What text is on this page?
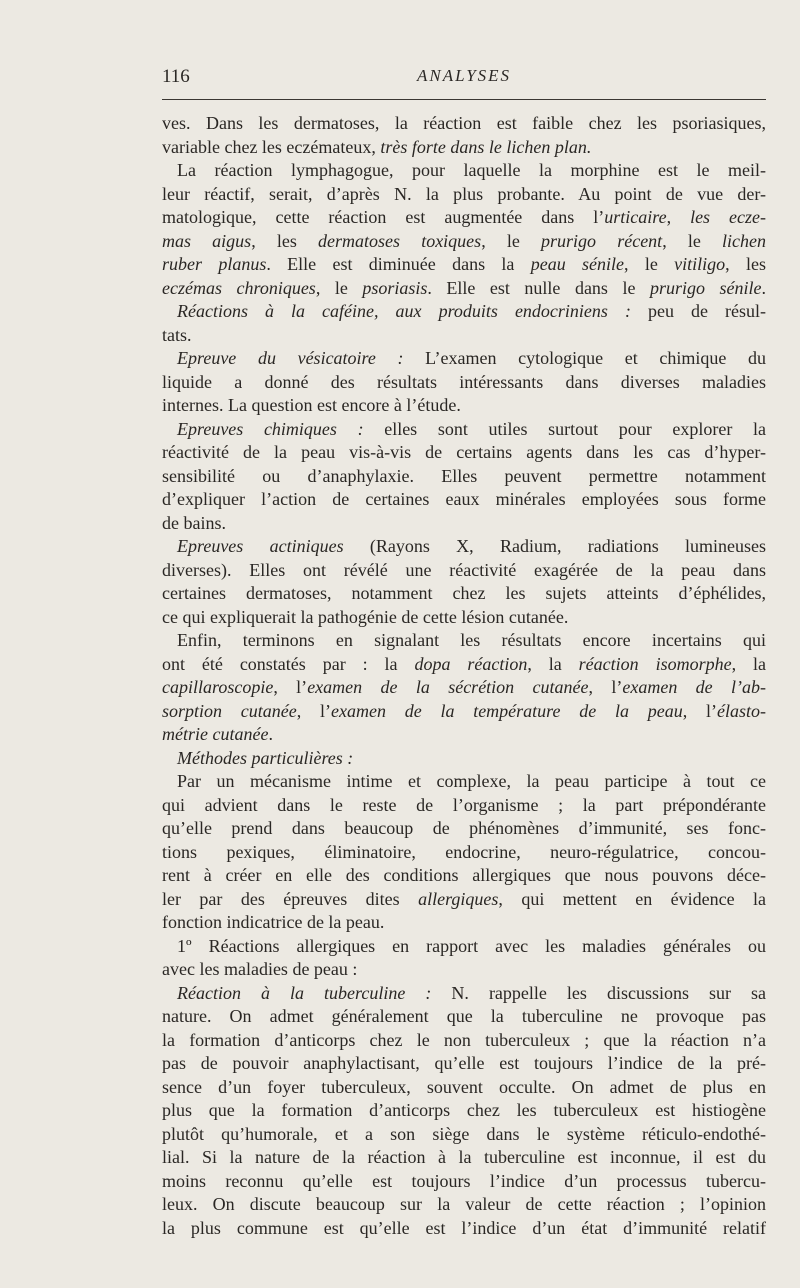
116	ANALYSES
ves. Dans les dermatoses, la réaction est faible chez les psoriasiques,
variable chez les eczémateux, très forte dans le lichen plan.
La réaction lymphagogue, pour laquelle la morphine est le meil-
leur réactif, serait, d’après N. la plus probante. Au point de vue der-
matologique, cette réaction est augmentée dans l’urticaire, les ecze-
mas aigus, les dermatoses toxiques, le prurigo récent, le lichen
ruber planus. Elle est diminuée dans la peau sénile, le vitiligo, les
eczémas chroniques, le psoriasis. Elle est nulle dans le prurigo sénile.
Réactions à la caféine, aux produits endocriniens : peu de résul-
tats.
Epreuve du vésicatoire : L’examen cytologique et chimique du
liquide a donné des résultats intéressants dans diverses maladies
internes. La question est encore à l’étude.
Epreuves chimiques : elles sont utiles surtout pour explorer la
réactivité de la peau vis-à-vis de certains agents dans les cas d’hyper-
sensibilité ou d’anaphylaxie. Elles peuvent permettre notamment
d’expliquer l’action de certaines eaux minérales employées sous forme
de bains.
Epreuves actiniques (Rayons X, Radium, radiations lumineuses
diverses). Elles ont révélé une réactivité exagérée de la peau dans
certaines dermatoses, notamment chez les sujets atteints d’éphélides,
ce qui expliquerait la pathogénie de cette lésion cutanée.
Enfin, terminons en signalant les résultats encore incertains qui
ont été constatés par : la dopa réaction, la réaction isomorphe, la
capillaroscopie, l’examen de la sécrétion cutanée, l’examen de l’ab-
sorption cutanée, l’examen de la température de la peau, l’élasto-
métrie cutanée.
Méthodes particulières :
Par un mécanisme intime et complexe, la peau participe à tout ce
qui advient dans le reste de l’organisme ; la part prépondérante
qu’elle prend dans beaucoup de phénomènes d’immunité, ses fonc-
tions pexiques, éliminatoire, endocrine, neuro-régulatrice, concou-
rent à créer en elle des conditions allergiques que nous pouvons déce-
ler par des épreuves dites allergiques, qui mettent en évidence la
fonction indicatrice de la peau.
1º Réactions allergiques en rapport avec les maladies générales ou
avec les maladies de peau :
Réaction à la tuberculine : N. rappelle les discussions sur sa
nature. On admet généralement que la tuberculine ne provoque pas
la formation d’anticorps chez le non tuberculeux ; que la réaction n’a
pas de pouvoir anaphylactisant, qu’elle est toujours l’indice de la pré-
sence d’un foyer tuberculeux, souvent occulte. On admet de plus en
plus que la formation d’anticorps chez les tuberculeux est histiogène
plutôt qu’humorale, et a son siège dans le système réticulo-endothé-
lial. Si la nature de la réaction à la tuberculine est inconnue, il est du
moins reconnu qu’elle est toujours l’indice d’un processus tubercu-
leux. On discute beaucoup sur la valeur de cette réaction ; l’opinion
la plus commune est qu’elle est l’indice d’un état d’immunité relatif
